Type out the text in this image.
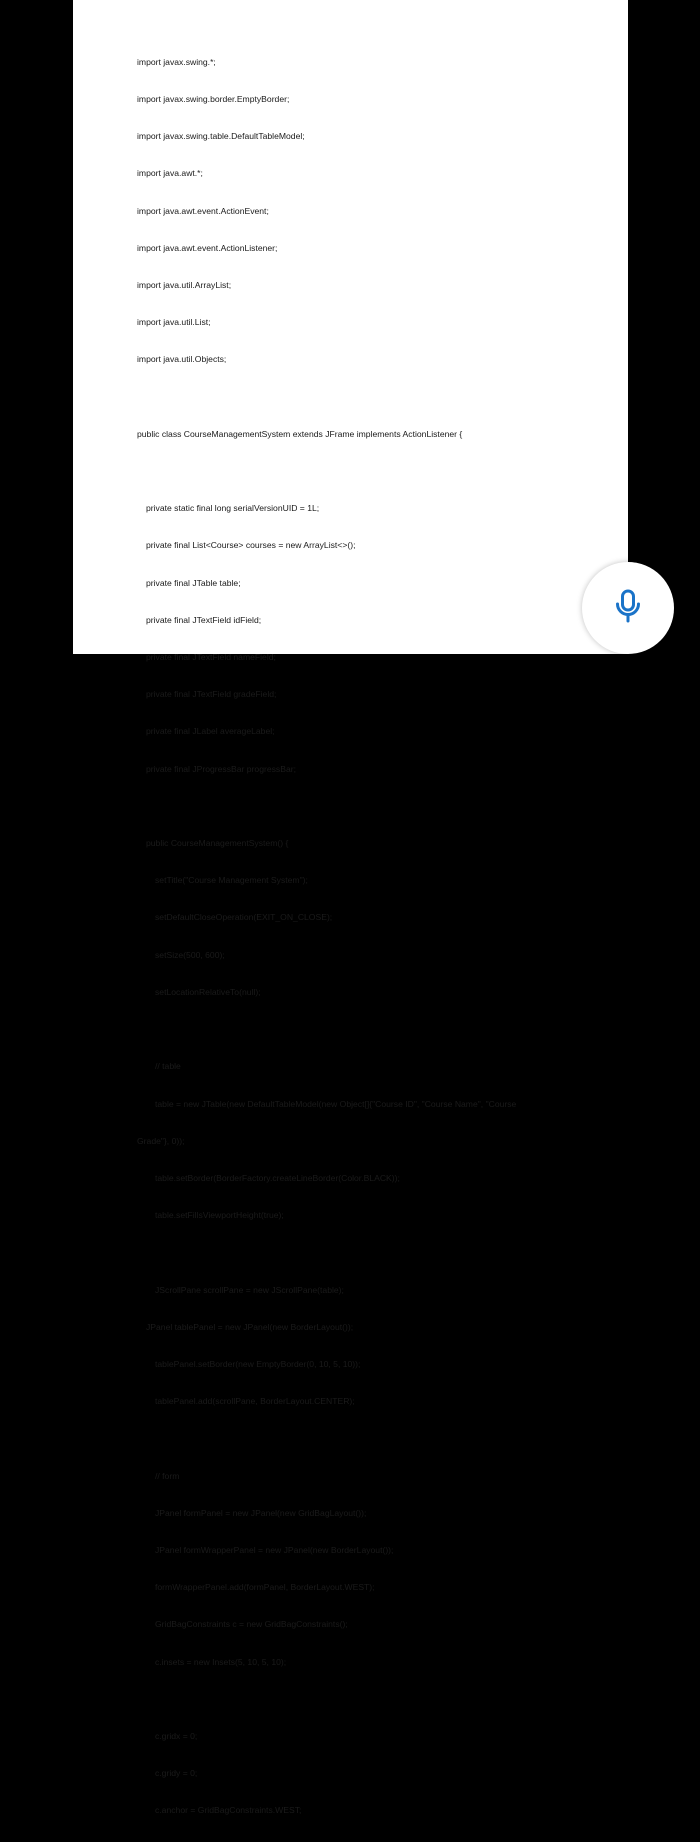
import javax.swing.*;

import javax.swing.border.EmptyBorder;

import javax.swing.table.DefaultTableModel;

import java.awt.*;

import java.awt.event.ActionEvent;

import java.awt.event.ActionListener;

import java.util.ArrayList;

import java.util.List;

import java.util.Objects;

public class CourseManagementSystem extends JFrame implements ActionListener {

private static final long serialVersionUID = 1L;

private final List<Course> courses = new ArrayList<>();

private final JTable table;

private final JTextField idField;

private final JTextField nameField;

private final JTextField gradeField;

private final JLabel averageLabel;

private final JProgressBar progressBar;

public CourseManagementSystem() {

setTitle("Course Management System");

setDefaultCloseOperation(EXIT_ON_CLOSE);

setSize(500, 600);

setLocationRelativeTo(null);

// table

table = new JTable(new DefaultTableModel(new Object[]{"Course ID", "Course Name", "Course

Grade"}, 0));

table.setBorder(BorderFactory.createLineBorder(Color.BLACK));

table.setFillsViewportHeight(true);

JScrollPane scrollPane = new JScrollPane(table);

JPanel tablePanel = new JPanel(new BorderLayout());

tablePanel.setBorder(new EmptyBorder(0, 10, 5, 10));

tablePanel.add(scrollPane, BorderLayout.CENTER);

// form

JPanel formPanel = new JPanel(new GridBagLayout());

JPanel formWrapperPanel = new JPanel(new BorderLayout());

formWrapperPanel.add(formPanel, BorderLayout.WEST);

GridBagConstraints c = new GridBagConstraints();

c.insets = new Insets(5, 10, 5, 10);

c.gridx = 0;

c.gridy = 0;

c.anchor = GridBagConstraints.WEST;
